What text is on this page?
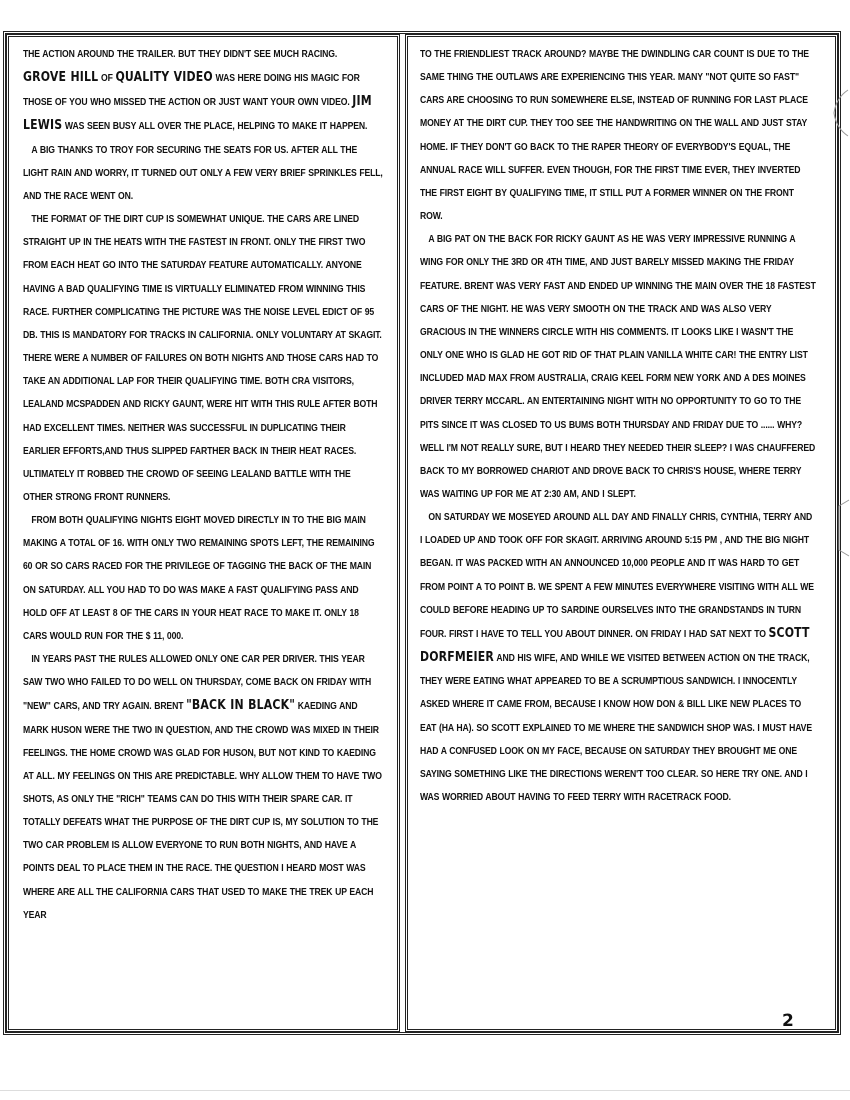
THE ACTION AROUND THE TRAILER. BUT THEY DIDN'T SEE MUCH RACING. GROVE HILL OF QUALITY VIDEO WAS HERE DOING HIS MAGIC FOR THOSE OF YOU WHO MISSED THE ACTION OR JUST WANT YOUR OWN VIDEO. JIM LEWIS WAS SEEN BUSY ALL OVER THE PLACE, HELPING TO MAKE IT HAPPEN.

A BIG THANKS TO TROY FOR SECURING THE SEATS FOR US. AFTER ALL THE LIGHT RAIN AND WORRY, IT TURNED OUT ONLY A FEW VERY BRIEF SPRINKLES FELL, AND THE RACE WENT ON.

THE FORMAT OF THE DIRT CUP IS SOMEWHAT UNIQUE. THE CARS ARE LINED STRAIGHT UP IN THE HEATS WITH THE FASTEST IN FRONT. ONLY THE FIRST TWO FROM EACH HEAT GO INTO THE SATURDAY FEATURE AUTOMATICALLY. ANYONE HAVING A BAD QUALIFYING TIME IS VIRTUALLY ELIMINATED FROM WINNING THIS RACE. FURTHER COMPLICATING THE PICTURE WAS THE NOISE LEVEL EDICT OF 95 DB. THIS IS MANDATORY FOR TRACKS IN CALIFORNIA. ONLY VOLUNTARY AT SKAGIT. THERE WERE A NUMBER OF FAILURES ON BOTH NIGHTS AND THOSE CARS HAD TO TAKE AN ADDITIONAL LAP FOR THEIR QUALIFYING TIME. BOTH CRA VISITORS, LEALAND MCSPADDEN AND RICKY GAUNT, WERE HIT WITH THIS RULE AFTER BOTH HAD EXCELLENT TIMES. NEITHER WAS SUCCESSFUL IN DUPLICATING THEIR EARLIER EFFORTS,AND THUS SLIPPED FARTHER BACK IN THEIR HEAT RACES. ULTIMATELY IT ROBBED THE CROWD OF SEEING LEALAND BATTLE WITH THE OTHER STRONG FRONT RUNNERS.

FROM BOTH QUALIFYING NIGHTS EIGHT MOVED DIRECTLY IN TO THE BIG MAIN MAKING A TOTAL OF 16. WITH ONLY TWO REMAINING SPOTS LEFT, THE REMAINING 60 OR SO CARS RACED FOR THE PRIVILEGE OF TAGGING THE BACK OF THE MAIN ON SATURDAY. ALL YOU HAD TO DO WAS MAKE A FAST QUALIFYING PASS AND HOLD OFF AT LEAST 8 OF THE CARS IN YOUR HEAT RACE TO MAKE IT. ONLY 18 CARS WOULD RUN FOR THE $ 11, 000.

IN YEARS PAST THE RULES ALLOWED ONLY ONE CAR PER DRIVER. THIS YEAR SAW TWO WHO FAILED TO DO WELL ON THURSDAY, COME BACK ON FRIDAY WITH "NEW" CARS, AND TRY AGAIN. BRENT "BACK IN BLACK" KAEDING AND MARK HUSON WERE THE TWO IN QUESTION, AND THE CROWD WAS MIXED IN THEIR FEELINGS. THE HOME CROWD WAS GLAD FOR HUSON, BUT NOT KIND TO KAEDING AT ALL. MY FEELINGS ON THIS ARE PREDICTABLE. WHY ALLOW THEM TO HAVE TWO SHOTS, AS ONLY THE "RICH" TEAMS CAN DO THIS WITH THEIR SPARE CAR. IT TOTALLY DEFEATS WHAT THE PURPOSE OF THE DIRT CUP IS, MY SOLUTION TO THE TWO CAR PROBLEM IS ALLOW EVERYONE TO RUN BOTH NIGHTS, AND HAVE A POINTS DEAL TO PLACE THEM IN THE RACE. THE QUESTION I HEARD MOST WAS WHERE ARE ALL THE CALIFORNIA CARS THAT USED TO MAKE THE TREK UP EACH YEAR

TO THE FRIENDLIEST TRACK AROUND? MAYBE THE DWINDLING CAR COUNT IS DUE TO THE SAME THING THE OUTLAWS ARE EXPERIENCING THIS YEAR. MANY "NOT QUITE SO FAST" CARS ARE CHOOSING TO RUN SOMEWHERE ELSE, INSTEAD OF RUNNING FOR LAST PLACE MONEY AT THE DIRT CUP. THEY TOO SEE THE HANDWRITING ON THE WALL AND JUST STAY HOME. IF THEY DON'T GO BACK TO THE RAPER THEORY OF EVERYBODY'S EQUAL, THE ANNUAL RACE WILL SUFFER. EVEN THOUGH, FOR THE FIRST TIME EVER, THEY INVERTED THE FIRST EIGHT BY QUALIFYING TIME, IT STILL PUT A FORMER WINNER ON THE FRONT ROW.

A BIG PAT ON THE BACK FOR RICKY GAUNT AS HE WAS VERY IMPRESSIVE RUNNING A WING FOR ONLY THE 3RD OR 4TH TIME, AND JUST BARELY MISSED MAKING THE FRIDAY FEATURE. BRENT WAS VERY FAST AND ENDED UP WINNING THE MAIN OVER THE 18 FASTEST CARS OF THE NIGHT. HE WAS VERY SMOOTH ON THE TRACK AND WAS ALSO VERY GRACIOUS IN THE WINNERS CIRCLE WITH HIS COMMENTS. IT LOOKS LIKE I WASN'T THE ONLY ONE WHO IS GLAD HE GOT RID OF THAT PLAIN VANILLA WHITE CAR! THE ENTRY LIST INCLUDED MAD MAX FROM AUSTRALIA, CRAIG KEEL FORM NEW YORK AND A DES MOINES DRIVER TERRY MCCARL. AN ENTERTAINING NIGHT WITH NO OPPORTUNITY TO GO TO THE PITS SINCE IT WAS CLOSED TO US BUMS BOTH THURSDAY AND FRIDAY DUE TO ...... WHY? WELL I'M NOT REALLY SURE, BUT I HEARD THEY NEEDED THEIR SLEEP? I WAS CHAUFFERED BACK TO MY BORROWED CHARIOT AND DROVE BACK TO CHRIS'S HOUSE, WHERE TERRY WAS WAITING UP FOR ME AT 2:30 AM, AND I SLEPT.

ON SATURDAY WE MOSEYED AROUND ALL DAY AND FINALLY CHRIS, CYNTHIA, TERRY AND I LOADED UP AND TOOK OFF FOR SKAGIT. ARRIVING AROUND 5:15 PM , AND THE BIG NIGHT BEGAN. IT WAS PACKED WITH AN ANNOUNCED 10,000 PEOPLE AND IT WAS HARD TO GET FROM POINT A TO POINT B. WE SPENT A FEW MINUTES EVERYWHERE VISITING WITH ALL WE COULD BEFORE HEADING UP TO SARDINE OURSELVES INTO THE GRANDSTANDS IN TURN FOUR. FIRST I HAVE TO TELL YOU ABOUT DINNER. ON FRIDAY I HAD SAT NEXT TO SCOTT DORFMEIER AND HIS WIFE, AND WHILE WE VISITED BETWEEN ACTION ON THE TRACK, THEY WERE EATING WHAT APPEARED TO BE A SCRUMPTIOUS SANDWICH. I INNOCENTLY ASKED WHERE IT CAME FROM, BECAUSE I KNOW HOW DON & BILL LIKE NEW PLACES TO EAT (HA HA). SO SCOTT EXPLAINED TO ME WHERE THE SANDWICH SHOP WAS. I MUST HAVE HAD A CONFUSED LOOK ON MY FACE, BECAUSE ON SATURDAY THEY BROUGHT ME ONE SAYING SOMETHING LIKE THE DIRECTIONS WEREN'T TOO CLEAR. SO HERE TRY ONE. AND I WAS WORRIED ABOUT HAVING TO FEED TERRY WITH RACETRACK FOOD.

2
